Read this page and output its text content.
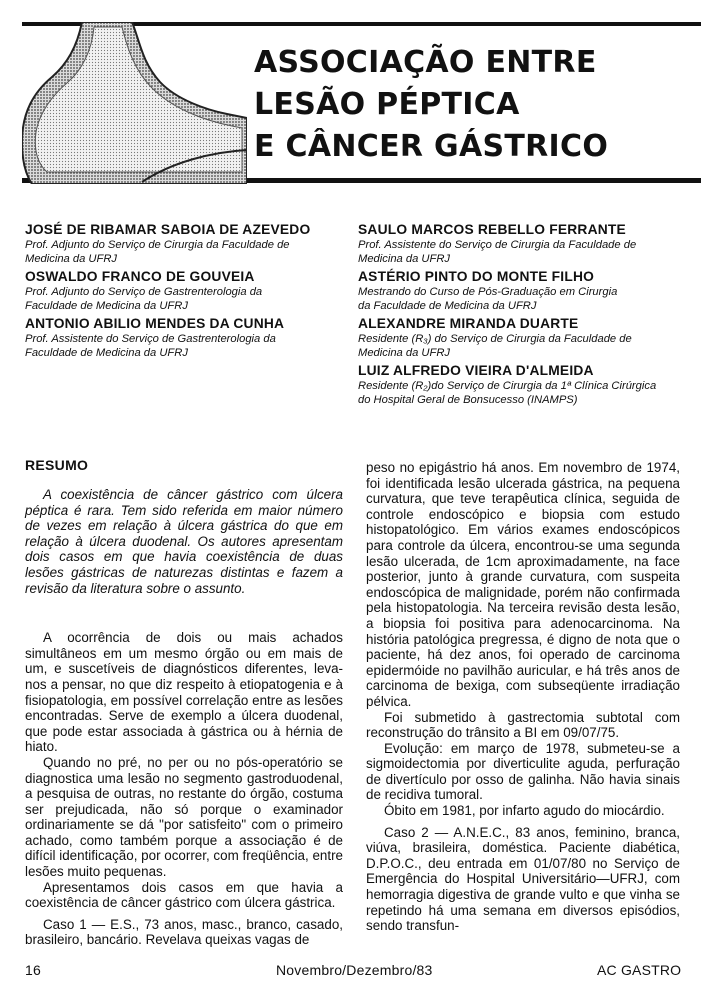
ASSOCIAÇÃO ENTRE
LESÃO PÉPTICA
E CÂNCER GÁSTRICO
JOSÉ DE RIBAMAR SABOIA DE AZEVEDO
Prof. Adjunto do Serviço de Cirurgia da Faculdade de
Medicina da UFRJ
OSWALDO FRANCO DE GOUVEIA
Prof. Adjunto do Serviço de Gastrenterologia da
Faculdade de Medicina da UFRJ
ANTONIO ABILIO MENDES DA CUNHA
Prof. Assistente do Serviço de Gastrenterologia da
Faculdade de Medicina da UFRJ
SAULO MARCOS REBELLO FERRANTE
Prof. Assistente do Serviço de Cirurgia da Faculdade de
Medicina da UFRJ
ASTÉRIO PINTO DO MONTE FILHO
Mestrando do Curso de Pós-Graduação em Cirurgia
da Faculdade de Medicina da UFRJ
ALEXANDRE MIRANDA DUARTE
Residente (R₃) do Serviço de Cirurgia da Faculdade de
Medicina da UFRJ
LUIZ ALFREDO VIEIRA D'ALMEIDA
Residente (R₂)do Serviço de Cirurgia da 1ª Clínica Cirúrgica
do Hospital Geral de Bonsucesso (INAMPS)
RESUMO

A coexistência de câncer gástrico com úlcera péptica é rara. Tem sido referida em maior número de vezes em relação à úlcera gástrica do que em relação à úlcera duodenal. Os autores apresentam dois casos em que havia coexistência de duas lesões gástricas de naturezas distintas e fazem a revisão da literatura sobre o assunto.

A ocorrência de dois ou mais achados simultâneos em um mesmo órgão ou em mais de um, e suscetíveis de diagnósticos diferentes, leva-nos a pensar, no que diz respeito à etiopatogenia e à fisiopatologia, em possível correlação entre as lesões encontradas. Serve de exemplo a úlcera duodenal, que pode estar associada à gástrica ou à hérnia de hiato.

Quando no pré, no per ou no pós-operatório se diagnostica uma lesão no segmento gastroduodenal, a pesquisa de outras, no restante do órgão, costuma ser prejudicada, não só porque o examinador ordinariamente se dá "por satisfeito" com o primeiro achado, como também porque a associação é de difícil identificação, por ocorrer, com freqüência, entre lesões muito pequenas.

Apresentamos dois casos em que havia a coexistência de câncer gástrico com úlcera gástrica.

Caso 1 — E.S., 73 anos, masc., branco, casado, brasileiro, bancário. Revelava queixas vagas de

peso no epigástrio há anos. Em novembro de 1974, foi identificada lesão ulcerada gástrica, na pequena curvatura, que teve terapêutica clínica, seguida de controle endoscópico e biopsia com estudo histopatológico. Em vários exames endoscópicos para controle da úlcera, encontrou-se uma segunda lesão ulcerada, de 1cm aproximadamente, na face posterior, junto à grande curvatura, com suspeita endoscópica de malignidade, porém não confirmada pela histopatologia. Na terceira revisão desta lesão, a biopsia foi positiva para adenocarcinoma. Na história patológica pregressa, é digno de nota que o paciente, há dez anos, foi operado de carcinoma epidermóide no pavilhão auricular, e há três anos de carcinoma de bexiga, com subseqüente irradiação pélvica.

Foi submetido à gastrectomia subtotal com reconstrução do trânsito a BI em 09/07/75.

Evolução: em março de 1978, submeteu-se a sigmoidectomia por diverticulite aguda, perfuração de divertículo por osso de galinha. Não havia sinais de recidiva tumoral.

Óbito em 1981, por infarto agudo do miocárdio.

Caso 2 — A.N.E.C., 83 anos, feminino, branca, viúva, brasileira, doméstica. Paciente diabética, D.P.O.C., deu entrada em 01/07/80 no Serviço de Emergência do Hospital Universitário—UFRJ, com hemorragia digestiva de grande vulto e que vinha se repetindo há uma semana em diversos episódios, sendo transfun-

16	Novembro/Dezembro/83	AC GASTRO
